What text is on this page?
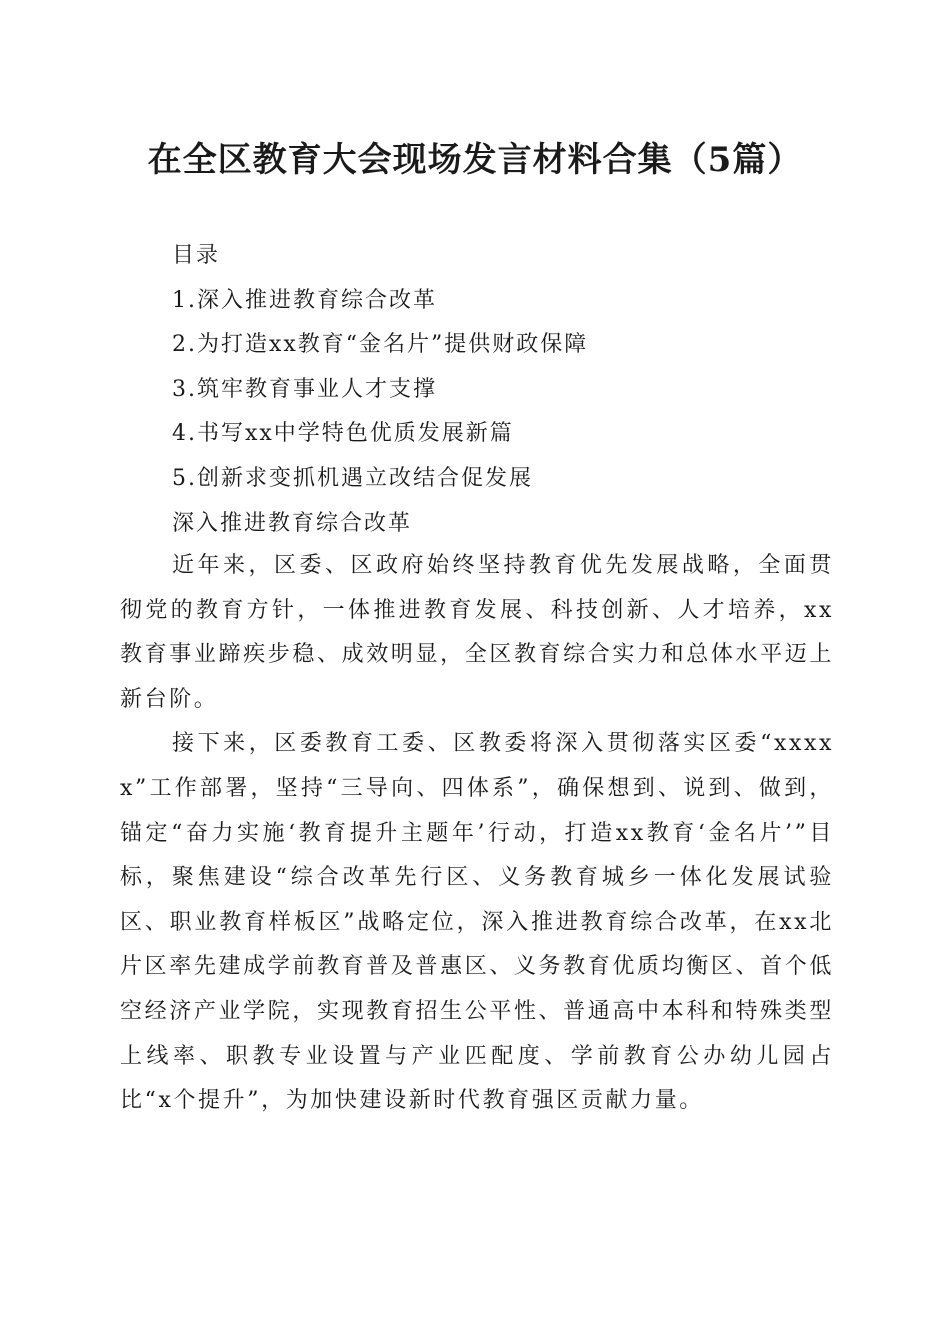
在全区教育大会现场发言材料合集（5篇）
目录
1.深入推进教育综合改革
2.为打造xx教育“金名片”提供财政保障
3.筑牢教育事业人才支撑
4.书写xx中学特色优质发展新篇
5.创新求变抓机遇立改结合促发展
深入推进教育综合改革

近年来，区委、区政府始终坚持教育优先发展战略，全面贯彻党的教育方针，一体推进教育发展、科技创新、人才培养，xx教育事业蹄疾步稳、成效明显，全区教育综合实力和总体水平迈上新台阶。

接下来，区委教育工委、区教委将深入贯彻落实区委“xxxxx”工作部署，坚持“三导向、四体系”，确保想到、说到、做到，锚定“奋力实施‘教育提升主题年’行动，打造xx教育‘金名片’”目标，聚焦建设“综合改革先行区、义务教育城乡一体化发展试验区、职业教育样板区”战略定位，深入推进教育综合改革，在xx北片区率先建成学前教育普及普惠区、义务教育优质均衡区、首个低空经济产业学院，实现教育招生公平性、普通高中本科和特殊类型上线率、职教专业设置与产业匹配度、学前教育公办幼儿园占比“x个提升”，为加快建设新时代教育强区贡献力量。
